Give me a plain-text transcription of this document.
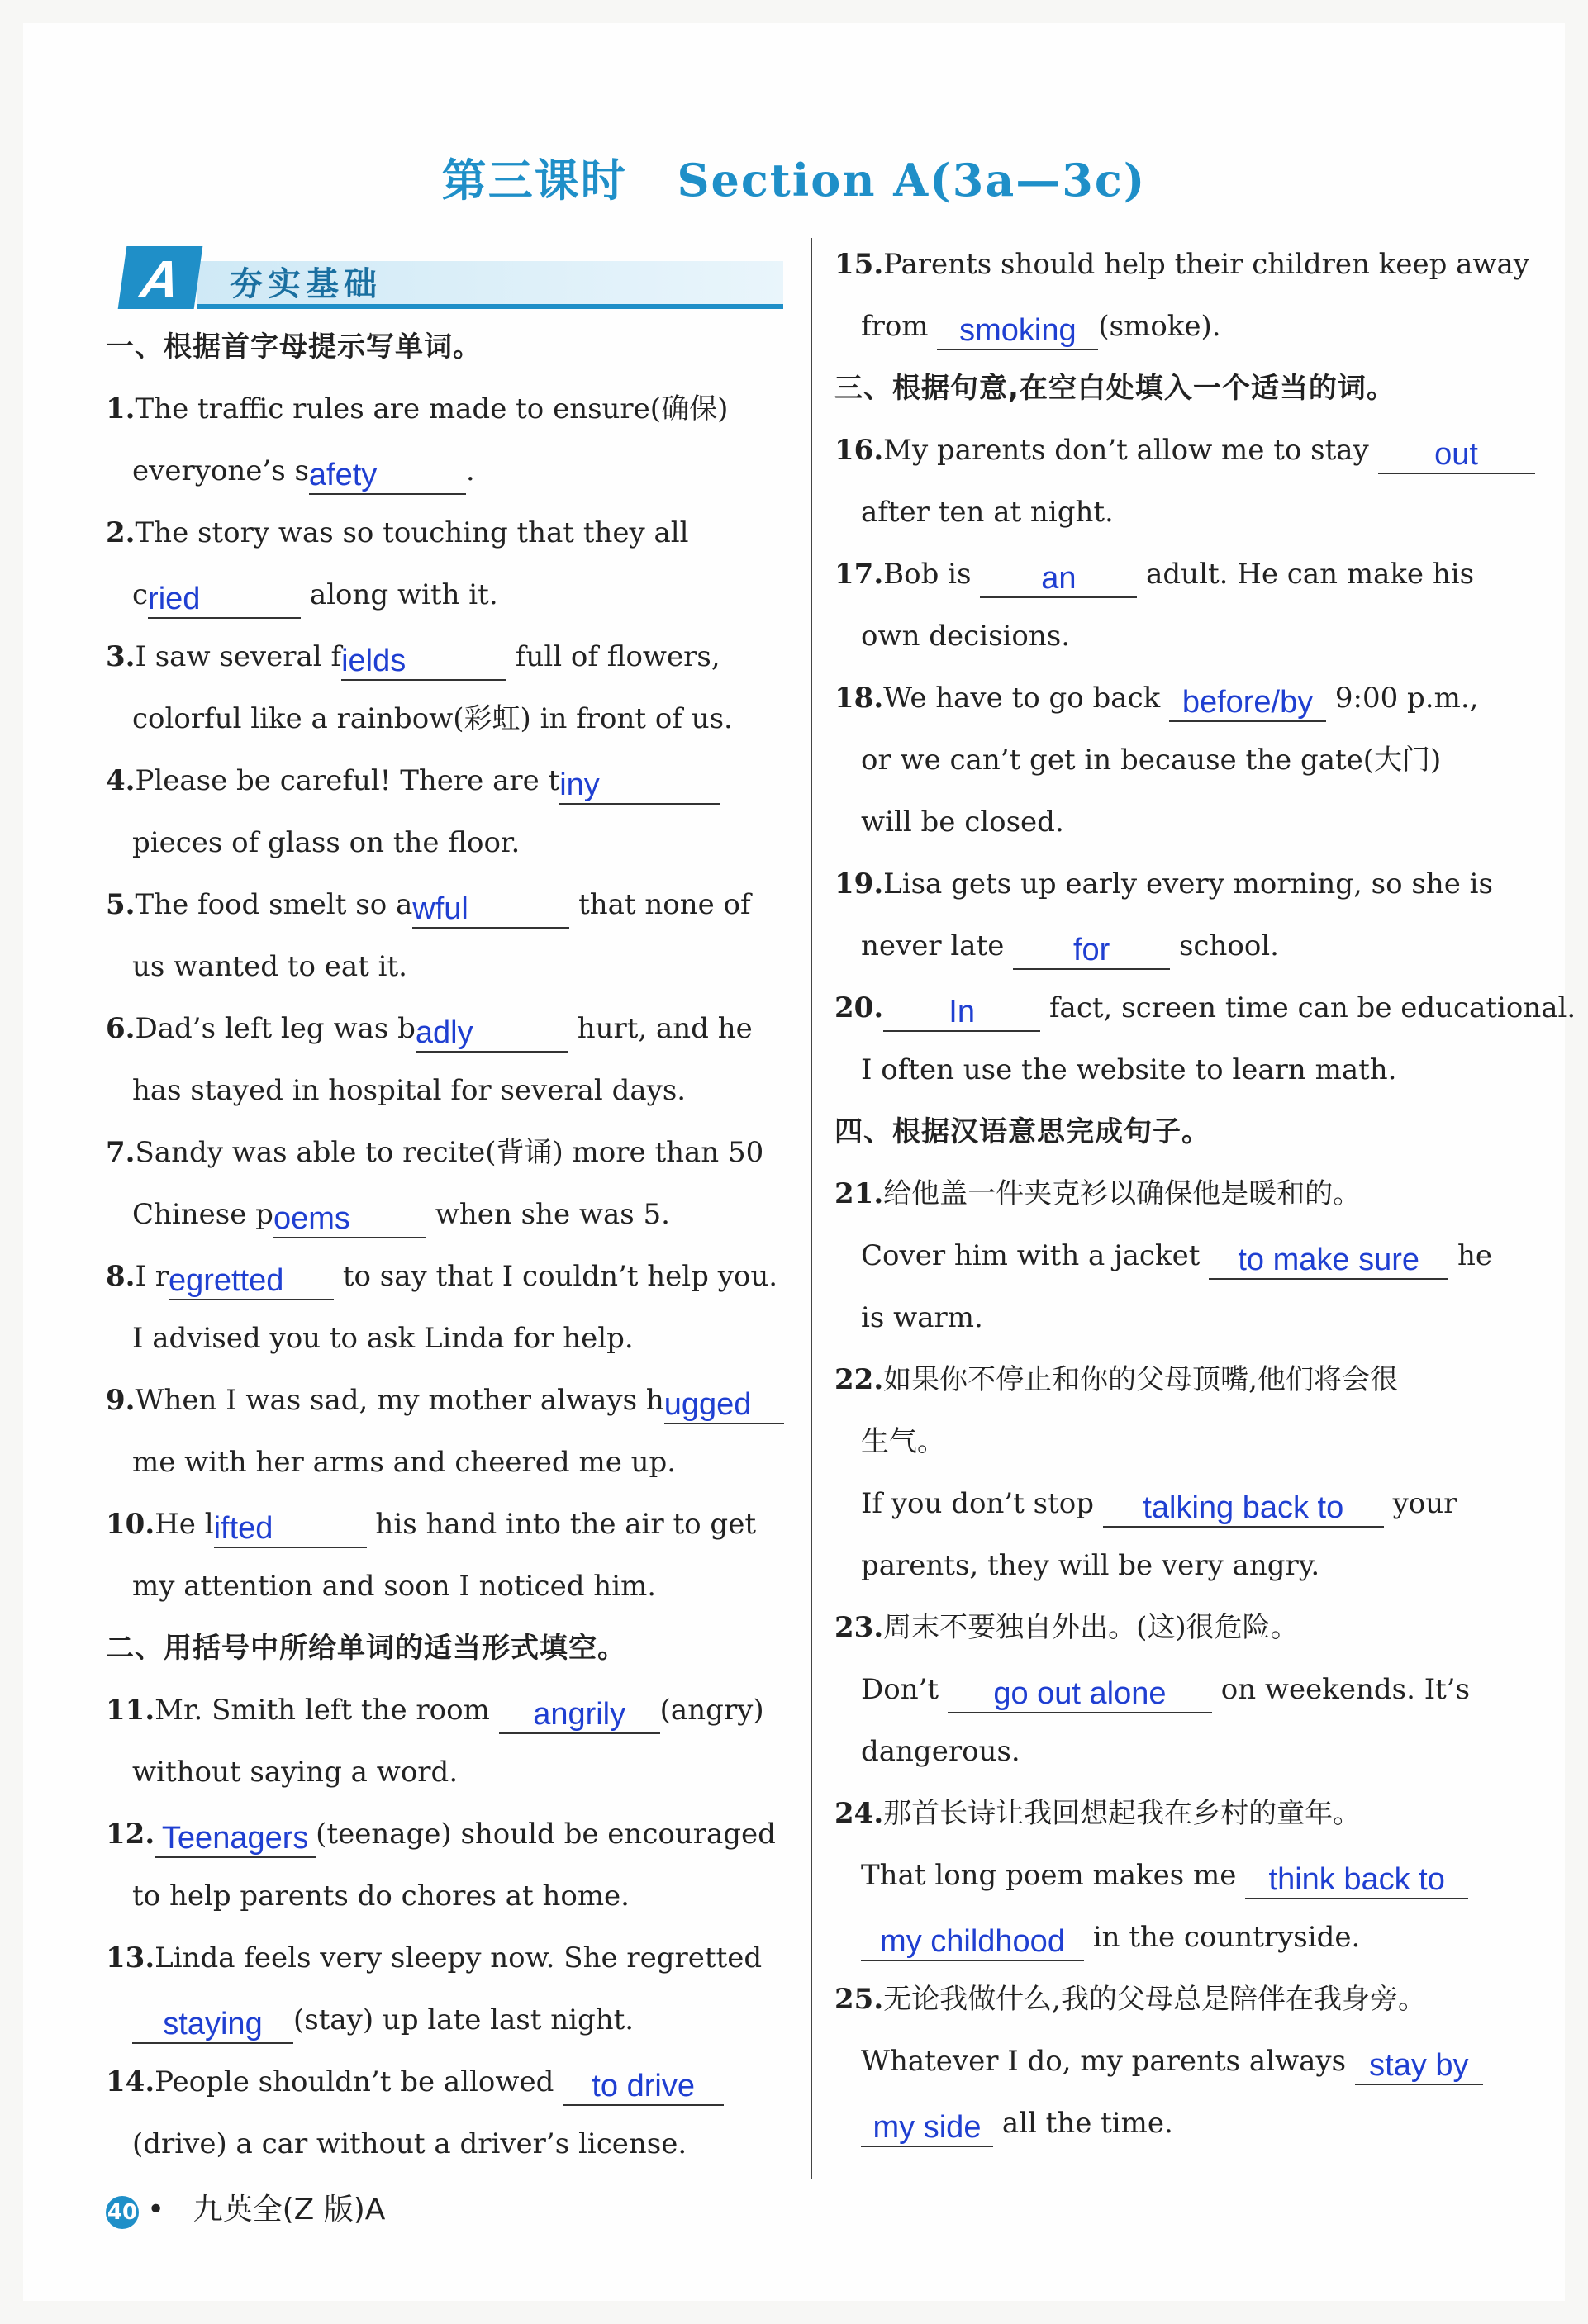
第三课时 Section A(3a—3c)
A	夯实基础
一、根据首字母提示写单词。
1.The traffic rules are made to ensure(确保)
everyone’s safety	.
2.The story was so touching that they all
cried	along with it.
3.I saw several fields	full of flowers,
colorful like a rainbow(彩虹) in front of us.
4.Please be careful! There are tiny
pieces of glass on the floor.
5.The food smelt so awful	that none of
us wanted to eat it.
6.Dad’s left leg was badly	hurt, and he
has stayed in hospital for several days.
7.Sandy was able to recite(背诵) more than 50
Chinese poems	when she was 5.
8.I regretted to say that I couldn’t help you.
I advised you to ask Linda for help.
9.When I was sad, my mother always hugged
me with her arms and cheered me up.
10.He lifted	his hand into the air to get
my attention and soon I noticed him.
二、用括号中所给单词的适当形式填空。
11.Mr. Smith left the room angrily (angry)
without saying a word.
12. Teenagers (teenage) should be encouraged
to help parents do chores at home.
13.Linda feels very sleepy now. She regretted
staying (stay) up late last night.
14.People shouldn’t be allowed to drive
(drive) a car without a driver’s license.
15.Parents should help their children keep away
from smoking (smoke).
三、根据句意,在空白处填入一个适当的词。
16.My parents don’t allow me to stay out
after ten at night.
17.Bob is an adult. He can make his
own decisions.
18.We have to go back before/by 9:00 p.m.,
or we can’t get in because the gate(大门)
will be closed.
19.Lisa gets up early every morning, so she is
never late for school.
20. In	fact, screen time can be educational.
I often use the website to learn math.
四、根据汉语意思完成句子。
21.给他盖一件夹克衫以确保他是暖和的。
Cover him with a jacket to make sure he
is warm.
22.如果你不停止和你的父母顶嘴,他们将会很
生气。
If you don’t stop talking back to your
parents, they will be very angry.
23.周末不要独自外出。(这)很危险。
Don’t go out alone on weekends. It’s
dangerous.
24.那首长诗让我回想起我在乡村的童年。
That long poem makes me think back to
my childhood in the countryside.
25.无论我做什么,我的父母总是陪伴在我身旁。
Whatever I do, my parents always stay by
my side all the time.
40 • 九英全(Z 版)A
